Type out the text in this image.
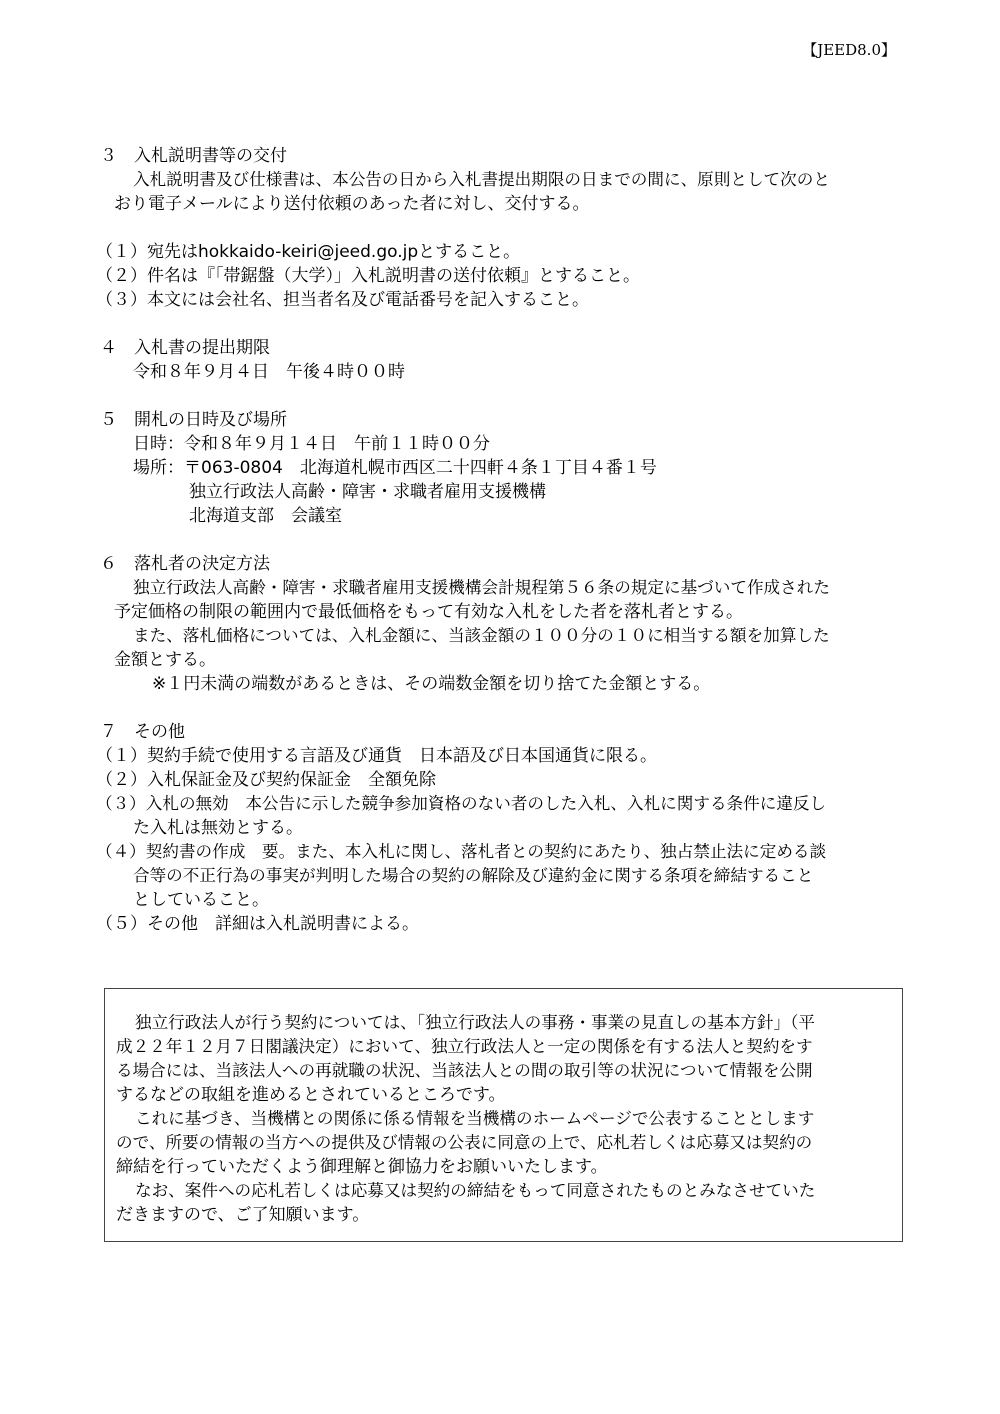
【JEED8.0】
３　入札説明書等の交付
入札説明書及び仕様書は、本公告の日から入札書提出期限の日までの間に、原則として次のと
おり電子メールにより送付依頼のあった者に対し、交付する。
（１）宛先はhokkaido-keiri@jeed.go.jpとすること。
（２）件名は『「帯鋸盤（大学）」入札説明書の送付依頼』とすること。
（３）本文には会社名、担当者名及び電話番号を記入すること。
４　入札書の提出期限
令和８年９月４日　午後４時００時
５　開札の日時及び場所
日時：令和８年９月１４日　午前１１時００分
場所：〒063-0804　北海道札幌市西区二十四軒４条１丁目４番１号
独立行政法人高齢・障害・求職者雇用支援機構
北海道支部　会議室
６　落札者の決定方法
独立行政法人高齢・障害・求職者雇用支援機構会計規程第５６条の規定に基づいて作成された
予定価格の制限の範囲内で最低価格をもって有効な入札をした者を落札者とする。
また、落札価格については、入札金額に、当該金額の１００分の１０に相当する額を加算した
金額とする。
※１円未満の端数があるときは、その端数金額を切り捨てた金額とする。
７　その他
（１）契約手続で使用する言語及び通貨　日本語及び日本国通貨に限る。
（２）入札保証金及び契約保証金　全額免除
（３）入札の無効　本公告に示した競争参加資格のない者のした入札、入札に関する条件に違反し
た入札は無効とする。
（４）契約書の作成　要。また、本入札に関し、落札者との契約にあたり、独占禁止法に定める談
合等の不正行為の事実が判明した場合の契約の解除及び違約金に関する条項を締結すること
としていること。
（５）その他　詳細は入札説明書による。
独立行政法人が行う契約については、「独立行政法人の事務・事業の見直しの基本方針」（平
成２２年１２月７日閣議決定）において、独立行政法人と一定の関係を有する法人と契約をす
る場合には、当該法人への再就職の状況、当該法人との間の取引等の状況について情報を公開
するなどの取組を進めるとされているところです。
これに基づき、当機構との関係に係る情報を当機構のホームページで公表することとします
ので、所要の情報の当方への提供及び情報の公表に同意の上で、応札若しくは応募又は契約の
締結を行っていただくよう御理解と御協力をお願いいたします。
なお、案件への応札若しくは応募又は契約の締結をもって同意されたものとみなさせていた
だきますので、ご了知願います。
